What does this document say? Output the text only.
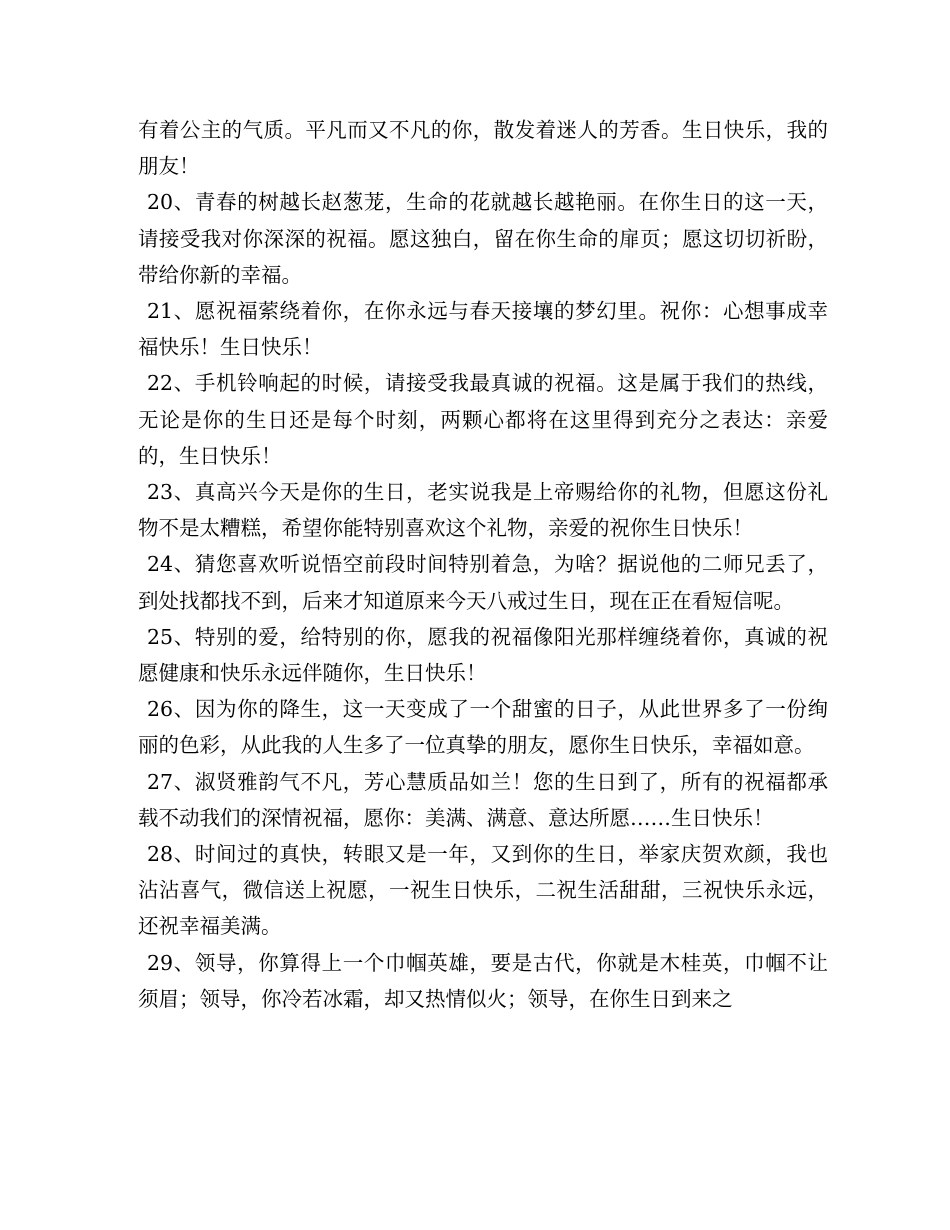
有着公主的气质。平凡而又不凡的你，散发着迷人的芳香。生日快乐，我的朋友！

20、青春的树越长赵葱茏，生命的花就越长越艳丽。在你生日的这一天，请接受我对你深深的祝福。愿这独白，留在你生命的扉页；愿这切切祈盼，带给你新的幸福。

21、愿祝福萦绕着你，在你永远与春天接壤的梦幻里。祝你：心想事成幸福快乐！生日快乐！

22、手机铃响起的时候，请接受我最真诚的祝福。这是属于我们的热线，无论是你的生日还是每个时刻，两颗心都将在这里得到充分之表达：亲爱的，生日快乐！

23、真高兴今天是你的生日，老实说我是上帝赐给你的礼物，但愿这份礼物不是太糟糕，希望你能特别喜欢这个礼物，亲爱的祝你生日快乐！

24、猜您喜欢听说悟空前段时间特别着急，为啥？据说他的二师兄丢了，到处找都找不到，后来才知道原来今天八戒过生日，现在正在看短信呢。

25、特别的爱，给特别的你，愿我的祝福像阳光那样缠绕着你，真诚的祝愿健康和快乐永远伴随你，生日快乐！

26、因为你的降生，这一天变成了一个甜蜜的日子，从此世界多了一份绚丽的色彩，从此我的人生多了一位真挚的朋友，愿你生日快乐，幸福如意。

27、淑贤雅韵气不凡，芳心慧质品如兰！您的生日到了，所有的祝福都承载不动我们的深情祝福，愿你：美满、满意、意达所愿……生日快乐！

28、时间过的真快，转眼又是一年，又到你的生日，举家庆贺欢颜，我也沾沾喜气，微信送上祝愿，一祝生日快乐，二祝生活甜甜，三祝快乐永远，还祝幸福美满。

29、领导，你算得上一个巾帼英雄，要是古代，你就是木桂英，巾帼不让须眉；领导，你冷若冰霜，却又热情似火；领导，在你生日到来之
